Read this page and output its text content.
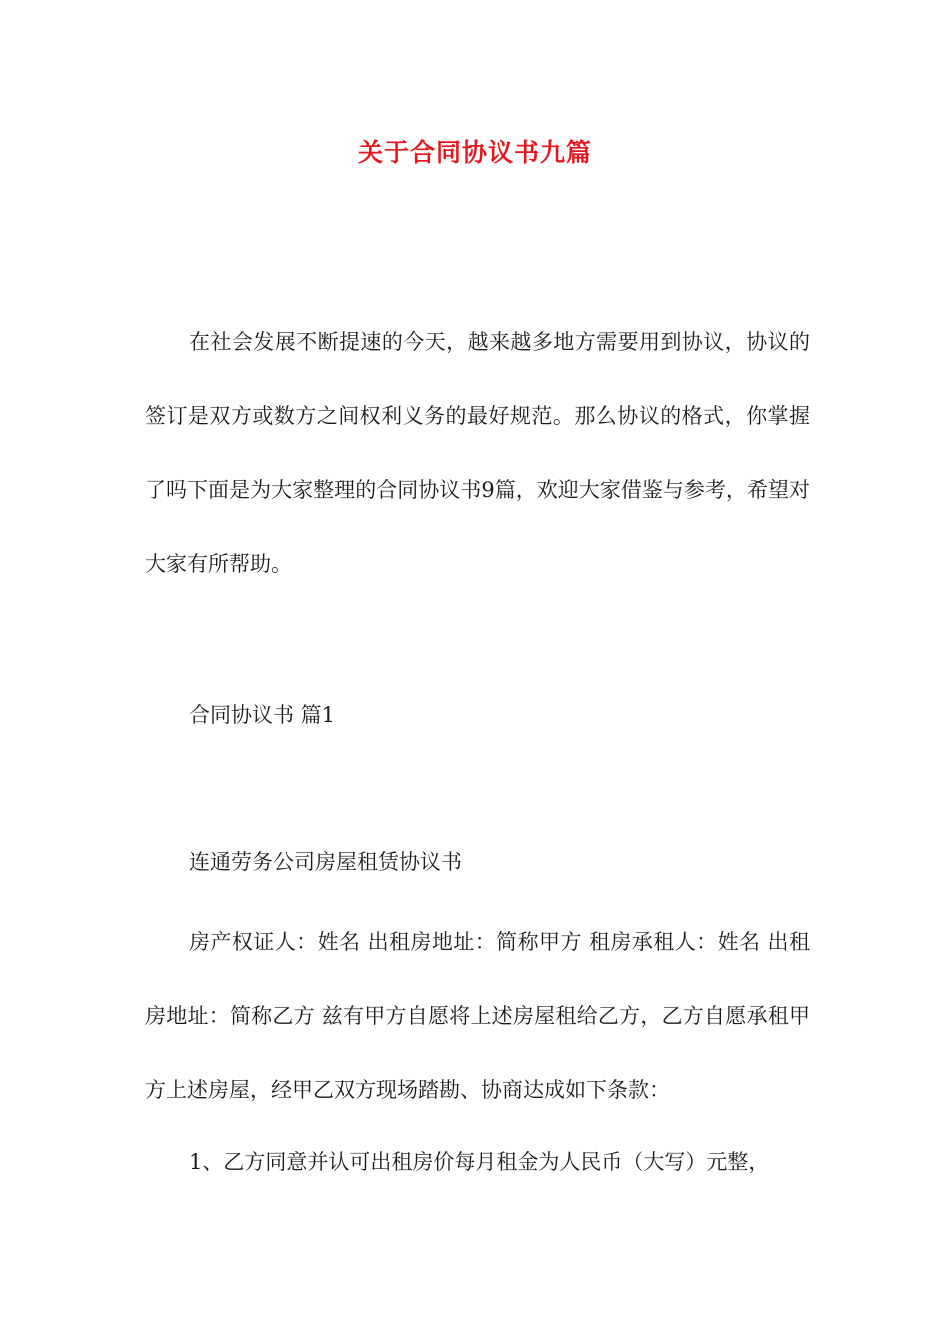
关于合同协议书九篇

在社会发展不断提速的今天，越来越多地方需要用到协议，协议的签订是双方或数方之间权利义务的最好规范。那么协议的格式，你掌握了吗下面是为大家整理的合同协议书9篇，欢迎大家借鉴与参考，希望对大家有所帮助。

合同协议书 篇1

连通劳务公司房屋租赁协议书

房产权证人：姓名 出租房地址：简称甲方 租房承租人：姓名 出租房地址：简称乙方 兹有甲方自愿将上述房屋租给乙方，乙方自愿承租甲方上述房屋，经甲乙双方现场踏勘、协商达成如下条款：

1、乙方同意并认可出租房价每月租金为人民币（大写）元整，
